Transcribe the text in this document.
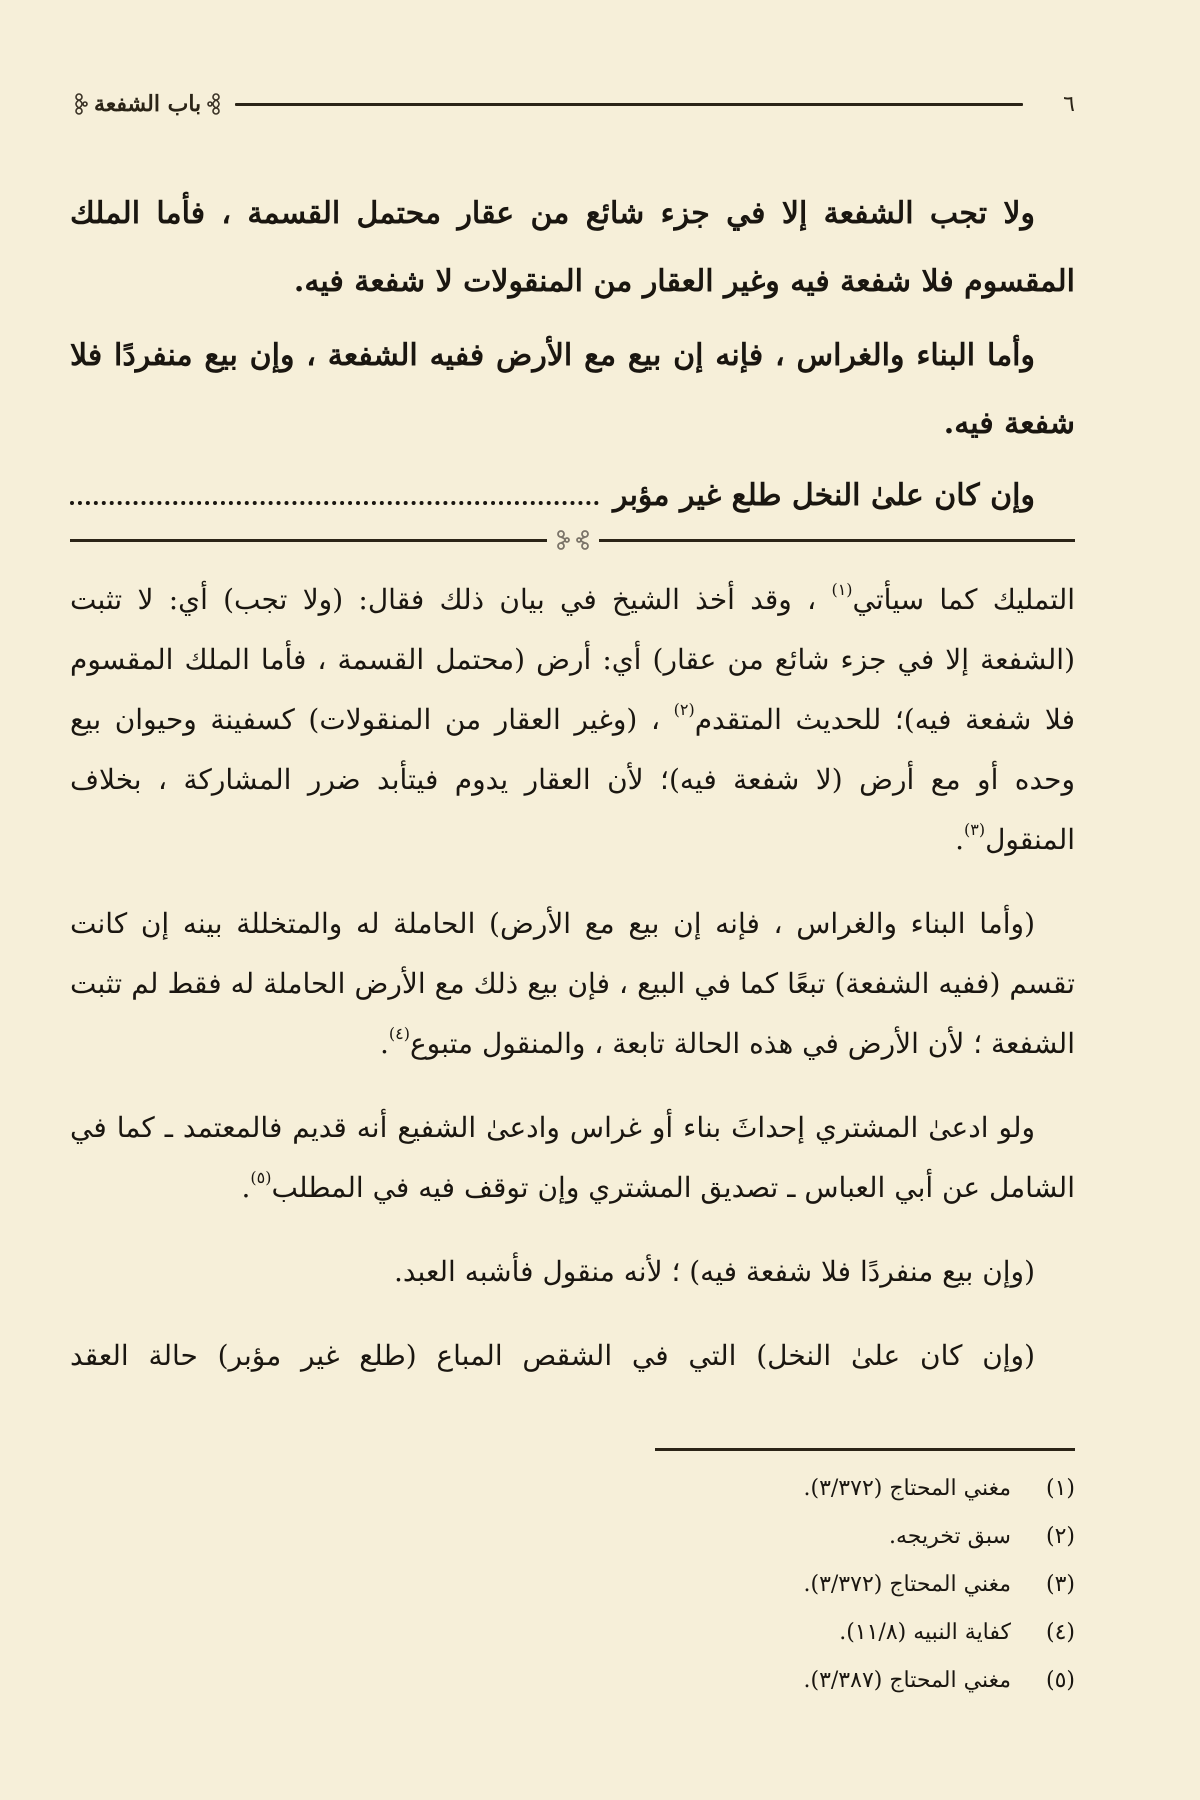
٦
باب الشفعة

ولا تجب الشفعة إلا في جزء شائع من عقار محتمل القسمة ، فأما الملك المقسوم فلا شفعة فيه وغير العقار من المنقولات لا شفعة فيه.

وأما البناء والغراس ، فإنه إن بيع مع الأرض ففيه الشفعة ، وإن بيع منفردًا فلا شفعة فيه.

وإن كان علىٰ النخل طلع غير مؤبر

التمليك كما سيأتي$^{(١)}$ ، وقد أخذ الشيخ في بيان ذلك فقال: (ولا تجب) أي: لا تثبت (الشفعة إلا في جزء شائع من عقار) أي: أرض (محتمل القسمة ، فأما الملك المقسوم فلا شفعة فيه)؛ للحديث المتقدم$^{(٢)}$ ، (وغير العقار من المنقولات) كسفينة وحيوان بيع وحده أو مع أرض (لا شفعة فيه)؛ لأن العقار يدوم فيتأبد ضرر المشاركة ، بخلاف المنقول$^{(٣)}$.

(وأما البناء والغراس ، فإنه إن بيع مع الأرض) الحاملة له والمتخللة بينه إن كانت تقسم (ففيه الشفعة) تبعًا كما في البيع ، فإن بيع ذلك مع الأرض الحاملة له فقط لم تثبت الشفعة ؛ لأن الأرض في هذه الحالة تابعة ، والمنقول متبوع$^{(٤)}$.

ولو ادعىٰ المشتري إحداثَ بناء أو غراس وادعىٰ الشفيع أنه قديم فالمعتمد ـ كما في الشامل عن أبي العباس ـ تصديق المشتري وإن توقف فيه في المطلب$^{(٥)}$.

(وإن بيع منفردًا فلا شفعة فيه) ؛ لأنه منقول فأشبه العبد.

(وإن كان علىٰ النخل) التي في الشقص المباع (طلع غير مؤبر) حالة العقد

(١)
مغني المحتاج (٣/٣٧٢).
(٢)
سبق تخريجه.
(٣)
مغني المحتاج (٣/٣٧٢).
(٤)
كفاية النبيه (١١/٨).
(٥)
مغني المحتاج (٣/٣٨٧).
